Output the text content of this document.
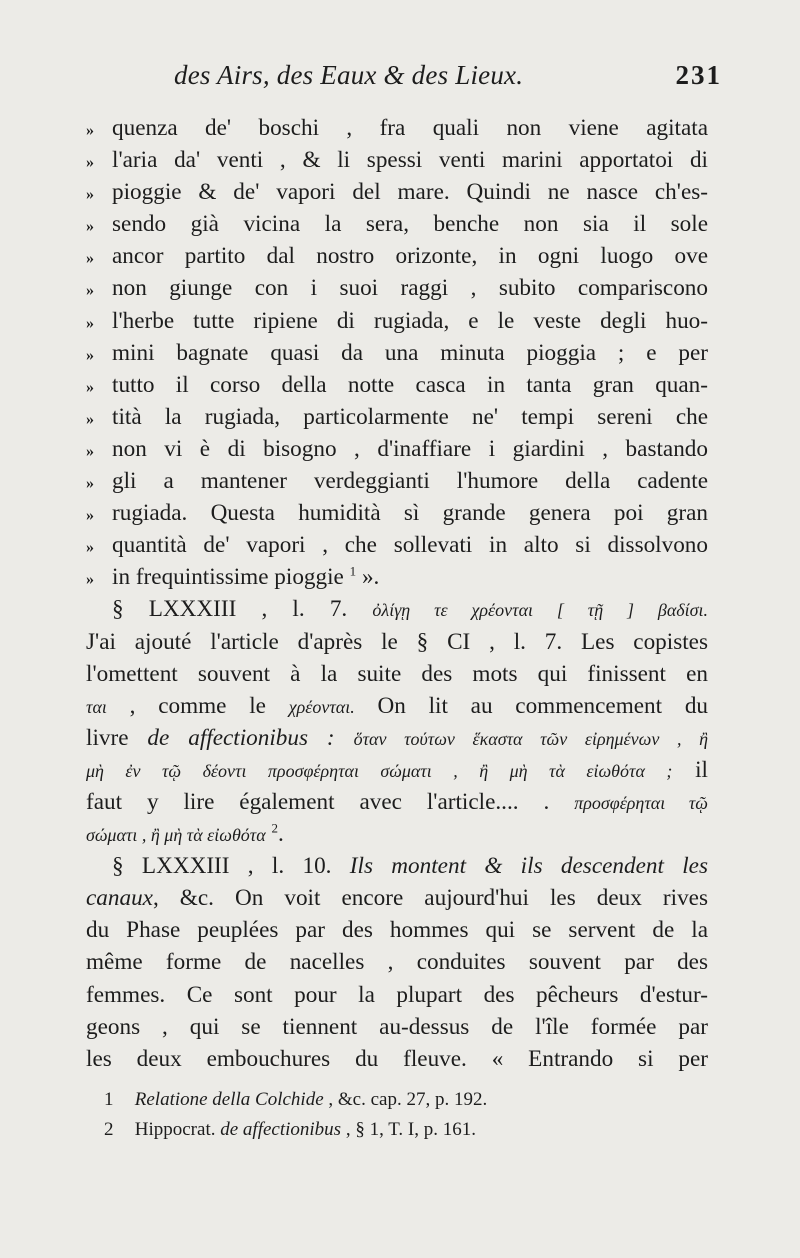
des Airs, des Eaux & des Lieux.	231
» quenza de' boschi , fra quali non viene agitata
» l'aria da' venti , & li spessi venti marini apportatoi di
» pioggie & de' vapori del mare. Quindi ne nasce ch'es-
» sendo già vicina la sera, benche non sia il sole
» ancor partito dal nostro orizonte, in ogni luogo ove
» non giunge con i suoi raggi , subito compariscono
» l'herbe tutte ripiene di rugiada, e le veste degli huo-
» mini bagnate quasi da una minuta pioggia ; e per
» tutto il corso della notte casca in tanta gran quan-
» tità la rugiada, particolarmente ne' tempi sereni che
» non vi è di bisogno , d'inaffiare i giardini , bastando
» gli a mantener verdeggianti l'humore della cadente
» rugiada. Questa humidità sì grande genera poi gran
» quantità de' vapori , che sollevati in alto si dissolvono
» in frequintissime pioggie $^1$ ».
§ LXXXIII , l. 7. ὀλίγῃ τε χρέονται [ τῇ ] βαδίσι.
J'ai ajouté l'article d'après le § CI , l. 7. Les copistes
l'omettent souvent à la suite des mots qui finissent en
ται , comme le χρέονται. On lit au commencement du
livre de affectionibus : ὅταν τούτων ἕκαστα τῶν εἰρημένων , ἢ
μὴ ἐν τῷ δέοντι προσφέρηται σώματι , ἢ μὴ τὰ εἰωθότα ; il
faut y lire également avec l'article.... . προσφέρηται τῷ
σώματι , ἢ μὴ τὰ εἰωθότα $^2$.
§ LXXXIII , l. 10. Ils montent & ils descendent les
canaux, &c. On voit encore aujourd'hui les deux rives
du Phase peuplées par des hommes qui se servent de la
même forme de nacelles , conduites souvent par des
femmes. Ce sont pour la plupart des pêcheurs d'estur-
geons , qui se tiennent au-dessus de l'île formée par
les deux embouchures du fleuve. « Entrando si per
1 Relatione della Colchide , &c. cap. 27, p. 192.
2 Hippocrat. de affectionibus , § 1, T. I, p. 161.
